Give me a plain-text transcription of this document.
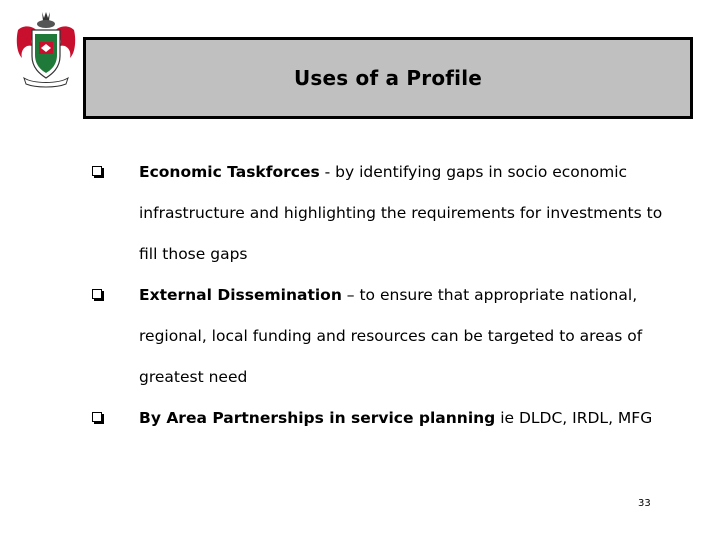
Uses of a Profile
Economic Taskforces - by identifying gaps in socio economic infrastructure and highlighting the requirements for investments to fill those gaps
External Dissemination – to ensure that appropriate national, regional, local funding and resources can be targeted to areas of greatest need
By Area Partnerships in service planning ie DLDC, IRDL, MFG
33
